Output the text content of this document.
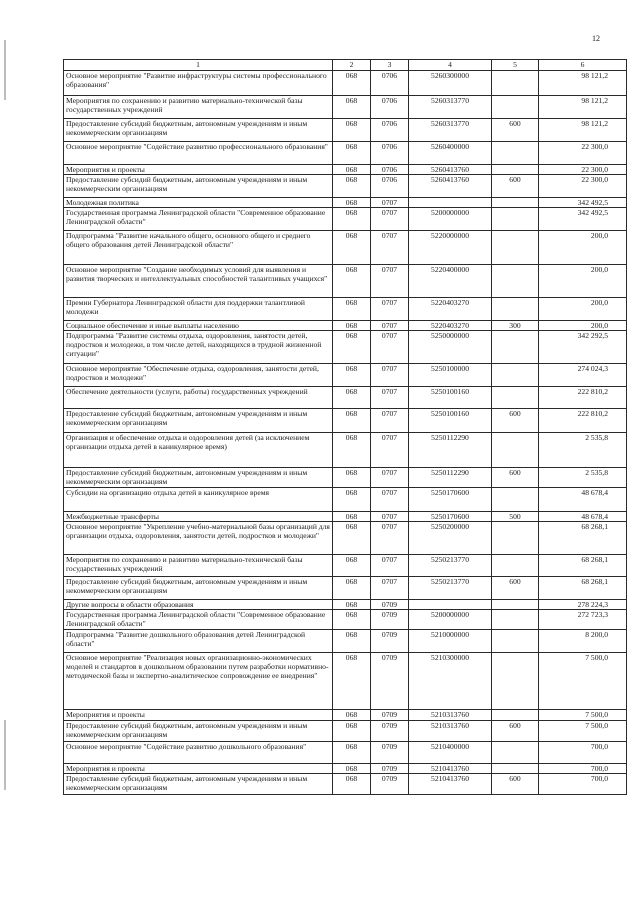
12
1	2	3	4	5	6
Основное мероприятие "Развитие инфраструктуры системы профессионального образования"	068	0706	5260300000		98 121,2
Мероприятия по сохранению и развитию материально-технической базы государственных учреждений	068	0706	5260313770		98 121,2
Предоставление субсидий бюджетным, автономным учреждениям и иным некоммерческим организациям	068	0706	5260313770	600	98 121,2
Основное мероприятие "Содействие развитию профессионального образования"	068	0706	5260400000		22 300,0
Мероприятия и проекты	068	0706	5260413760		22 300,0
Предоставление субсидий бюджетным, автономным учреждениям и иным некоммерческим организациям	068	0706	5260413760	600	22 300,0
Молодежная политика	068	0707			342 492,5
Государственная программа Ленинградской области "Современное образование Ленинградской области"	068	0707	5200000000		342 492,5
Подпрограмма "Развитие начального общего, основного общего и среднего общего образования детей Ленинградской области"	068	0707	5220000000		200,0
Основное мероприятие "Создание необходимых условий для выявления и развития творческих и интеллектуальных способностей талантливых учащихся"	068	0707	5220400000		200,0
Премии Губернатора Ленинградской области для поддержки талантливой молодежи	068	0707	5220403270		200,0
Социальное обеспечение и иные выплаты населению	068	0707	5220403270	300	200,0
Подпрограмма "Развитие системы отдыха, оздоровления, занятости детей, подростков и молодежи, в том числе детей, находящихся в трудной жизненной ситуации"	068	0707	5250000000		342 292,5
Основное мероприятие "Обеспечение отдыха, оздоровления, занятости детей, подростков и молодежи"	068	0707	5250100000		274 024,3
Обеспечение деятельности (услуги, работы) государственных учреждений	068	0707	5250100160		222 810,2
Предоставление субсидий бюджетным, автономным учреждениям и иным некоммерческим организациям	068	0707	5250100160	600	222 810,2
Организация и обеспечение отдыха и оздоровления детей (за исключением организации отдыха детей в каникулярное время)	068	0707	5250112290		2 535,8
Предоставление субсидий бюджетным, автономным учреждениям и иным некоммерческим организациям	068	0707	5250112290	600	2 535,8
Субсидии на организацию отдыха детей в каникулярное время	068	0707	5250170600		48 678,4
Межбюджетные трансферты	068	0707	5250170600	500	48 678,4
Основное мероприятие "Укрепление учебно-материальной базы организаций для организации отдыха, оздоровления, занятости детей, подростков и молодежи"	068	0707	5250200000		68 268,1
Мероприятия по сохранению и развитию материально-технической базы государственных учреждений	068	0707	5250213770		68 268,1
Предоставление субсидий бюджетным, автономным учреждениям и иным некоммерческим организациям	068	0707	5250213770	600	68 268,1
Другие вопросы в области образования	068	0709			278 224,3
Государственная программа Ленинградской области "Современное образование Ленинградской области"	068	0709	5200000000		272 723,3
Подпрограмма "Развитие дошкольного образования детей Ленинградской области"	068	0709	5210000000		8 200,0
Основное мероприятие "Реализация новых организационно-экономических моделей и стандартов в дошкольном образовании путем разработки нормативно-методической базы и экспертно-аналитическое сопровождение ее внедрения"	068	0709	5210300000		7 500,0
Мероприятия и проекты	068	0709	5210313760		7 500,0
Предоставление субсидий бюджетным, автономным учреждениям и иным некоммерческим организациям	068	0709	5210313760	600	7 500,0
Основное мероприятие "Содействие развитию дошкольного образования"	068	0709	5210400000		700,0
Мероприятия и проекты	068	0709	5210413760		700,0
Предоставление субсидий бюджетным, автономным учреждениям и иным некоммерческим организациям	068	0709	5210413760	600	700,0
